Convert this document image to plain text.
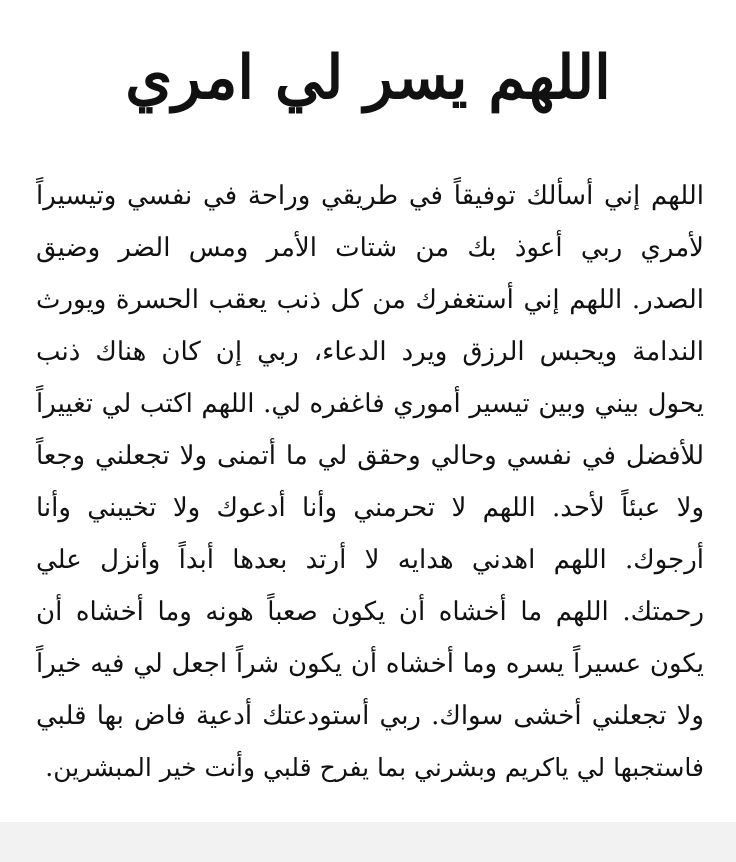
اللهم يسر لي امري
اللهم إني أسألك توفيقاً في طريقي وراحة في نفسي وتيسيراً
لأمري ربي أعوذ بك من شتات الأمر ومس الضر وضيق
الصدر. اللهم إني أستغفرك من كل ذنب يعقب الحسرة ويورث
الندامة ويحبس الرزق ويرد الدعاء، ربي إن كان هناك ذنب
يحول بيني وبين تيسير أموري فاغفره لي. اللهم اكتب لي تغييراً
للأفضل في نفسي وحالي وحقق لي ما أتمنى ولا تجعلني وجعاً
ولا عبئاً لأحد. اللهم لا تحرمني وأنا أدعوك ولا تخيبني وأنا
أرجوك. اللهم اهدني هدايه لا أرتد بعدها أبداً وأنزل علي
رحمتك. اللهم ما أخشاه أن يكون صعباً هونه وما أخشاه أن
يكون عسيراً يسره وما أخشاه أن يكون شراً اجعل لي فيه خيراً
ولا تجعلني أخشى سواك. ربي أستودعتك أدعية فاض بها قلبي
فاستجبها لي ياكريم وبشرني بما يفرح قلبي وأنت خير المبشرين.
